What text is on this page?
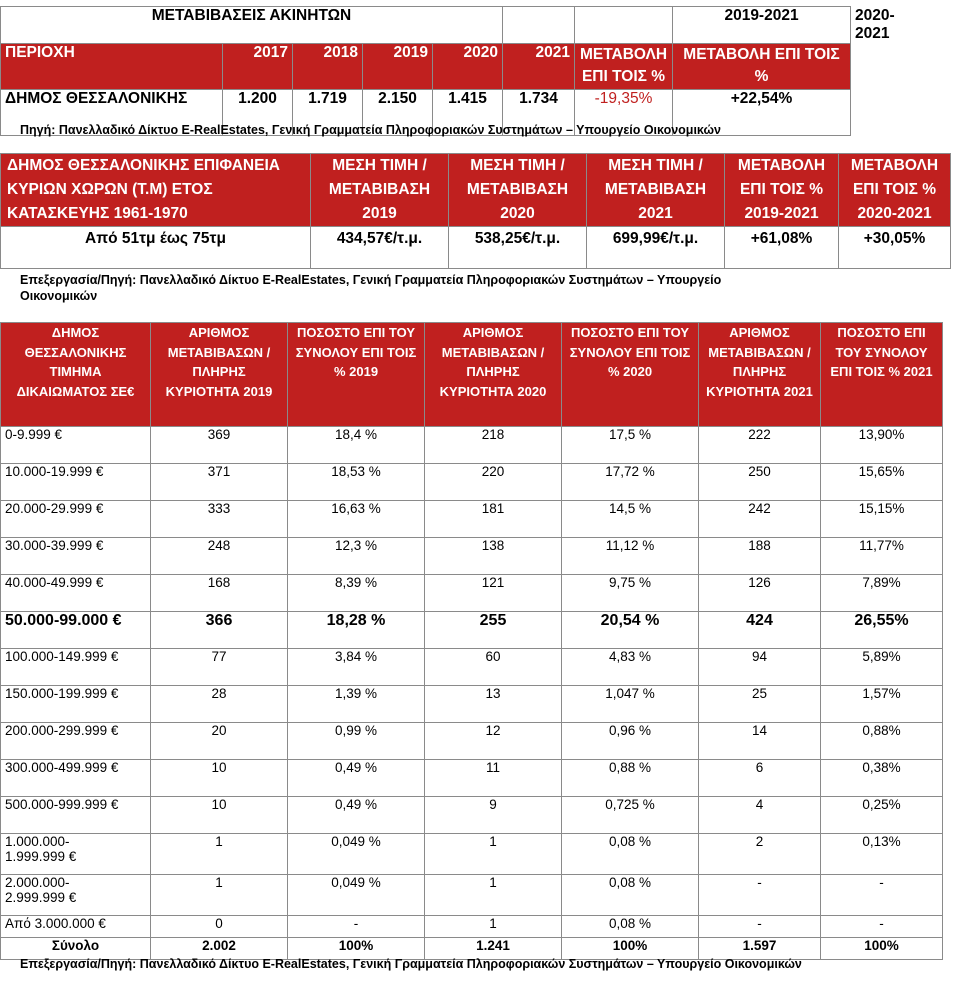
ΜΕΤΑΒΙΒΑΣΕΙΣ ΑΚΙΝΗΤΩΝ							2019-2021	2020-2021
ΠΕΡΙΟΧΗ	2017	2018	2019	2020	2021	ΜΕΤΑΒΟΛΗ ΕΠΙ ΤΟΙΣ %	ΜΕΤΑΒΟΛΗ ΕΠΙ ΤΟΙΣ %	
ΔΗΜΟΣ ΘΕΣΣΑΛΟΝΙΚΗΣ	1.200	1.719	2.150	1.415	1.734	-19,35%	+22,54%	
Πηγή: Πανελλαδικό Δίκτυο E-RealEstates, Γενική Γραμματεία Πληροφοριακών Συστημάτων – Υπουργείο Οικονομικών
ΔΗΜΟΣ ΘΕΣΣΑΛΟΝΙΚΗΣ ΕΠΙΦΑΝΕΙΑ ΚΥΡΙΩΝ ΧΩΡΩΝ (Τ.Μ) ΕΤΟΣ ΚΑΤΑΣΚΕΥΗΣ 1961-1970	ΜΕΣΗ ΤΙΜΗ / ΜΕΤΑΒΙΒΑΣΗ 2019	ΜΕΣΗ ΤΙΜΗ / ΜΕΤΑΒΙΒΑΣΗ 2020	ΜΕΣΗ ΤΙΜΗ / ΜΕΤΑΒΙΒΑΣΗ 2021	ΜΕΤΑΒΟΛΗ ΕΠΙ ΤΟΙΣ % 2019-2021	ΜΕΤΑΒΟΛΗ ΕΠΙ ΤΟΙΣ % 2020-2021
Από 51τμ έως 75τμ	434,57€/τ.μ.	538,25€/τ.μ.	699,99€/τ.μ.	+61,08%	+30,05%
Επεξεργασία/Πηγή: Πανελλαδικό Δίκτυο E-RealEstates, Γενική Γραμματεία Πληροφοριακών Συστημάτων – Υπουργείο Οικονομικών
ΔΗΜΟΣ ΘΕΣΣΑΛΟΝΙΚΗΣ ΤΙΜΗΜΑ ΔΙΚΑΙΩΜΑΤΟΣ ΣΕ€	ΑΡΙΘΜΟΣ ΜΕΤΑΒΙΒΑΣΩΝ / ΠΛΗΡΗΣ ΚΥΡΙΟΤΗΤΑ 2019	ΠΟΣΟΣΤΟ ΕΠΙ ΤΟΥ ΣΥΝΟΛΟΥ ΕΠΙ ΤΟΙΣ % 2019	ΑΡΙΘΜΟΣ ΜΕΤΑΒΙΒΑΣΩΝ / ΠΛΗΡΗΣ ΚΥΡΙΟΤΗΤΑ 2020	ΠΟΣΟΣΤΟ ΕΠΙ ΤΟΥ ΣΥΝΟΛΟΥ ΕΠΙ ΤΟΙΣ % 2020	ΑΡΙΘΜΟΣ ΜΕΤΑΒΙΒΑΣΩΝ / ΠΛΗΡΗΣ ΚΥΡΙΟΤΗΤΑ 2021	ΠΟΣΟΣΤΟ ΕΠΙ ΤΟΥ ΣΥΝΟΛΟΥ ΕΠΙ ΤΟΙΣ % 2021
0-9.999 €	369	18,4 %	218	17,5 %	222	13,90%
10.000-19.999 €	371	18,53 %	220	17,72 %	250	15,65%
20.000-29.999 €	333	16,63 %	181	14,5 %	242	15,15%
30.000-39.999 €	248	12,3 %	138	11,12 %	188	11,77%
40.000-49.999 €	168	8,39 %	121	9,75 %	126	7,89%
50.000-99.000 €	366	18,28 %	255	20,54 %	424	26,55%
100.000-149.999 €	77	3,84 %	60	4,83 %	94	5,89%
150.000-199.999 €	28	1,39 %	13	1,047 %	25	1,57%
200.000-299.999 €	20	0,99 %	12	0,96 %	14	0,88%
300.000-499.999 €	10	0,49 %	11	0,88 %	6	0,38%
500.000-999.999 €	10	0,49 %	9	0,725 %	4	0,25%
1.000.000- 1.999.999 €	1	0,049 %	1	0,08 %	2	0,13%
2.000.000- 2.999.999 €	1	0,049 %	1	0,08 %	-	-
Από 3.000.000 €	0	-	1	0,08 %	-	-
Σύνολο	2.002	100%	1.241	100%	1.597	100%
Επεξεργασία/Πηγή: Πανελλαδικό Δίκτυο E-RealEstates, Γενική Γραμματεία Πληροφοριακών Συστημάτων – Υπουργείο Οικονομικών
